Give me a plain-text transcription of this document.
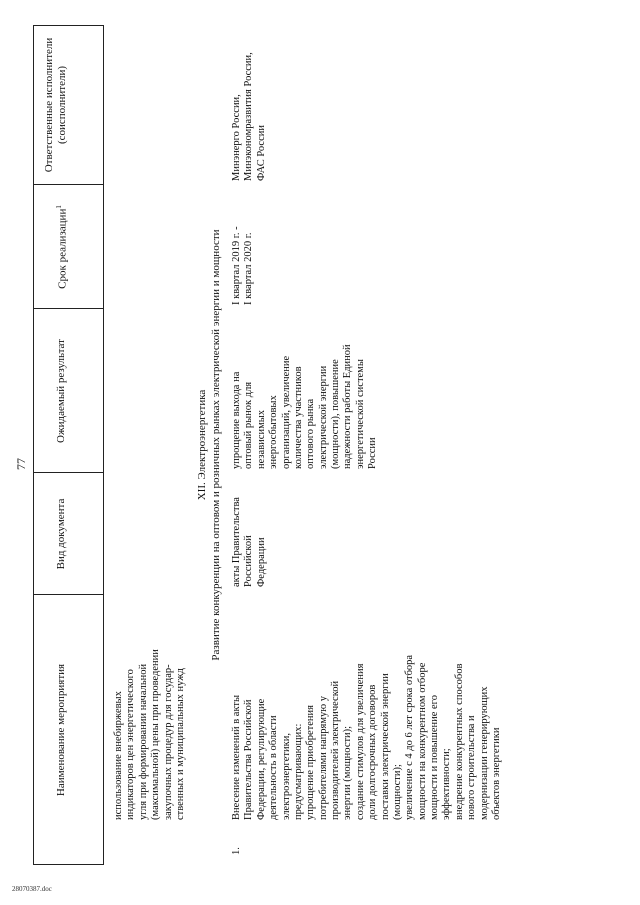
28070387.doc
77
Наименование мероприятия
Вид документа
Ожидаемый результат
Срок реализации$^1$
Ответственные исполнители (соисполнители)
использование внебиржевых индикаторов цен энергетического угля при формировании начальной (максимальной) цены при проведении закупочных процедур для государ- ственных и муниципальных нужд
XII. Электроэнергетика Развитие конкуренции на оптовом и розничных рынках электрической энергии и мощности
1.
Внесение изменений в акты Правительства Российской Федерации, регулирующие деятельность в области электроэнергетики, предусматривающих: упрощение приобретения потребителями напрямую у производителей электрической энергии (мощности); создание стимулов для увеличения доли долгосрочных договоров поставки электрической энергии (мощности); увеличение с 4 до 6 лет срока отбора мощности на конкурентном отборе мощности и повышение его эффективности; внедрение конкурентных способов нового строительства и модернизации генерирующих объектов энергетики
акты Правительства Российской Федерации
упрощение выхода на оптовый рынок для независимых энергосбытовых организаций, увеличение количества участников оптового рынка электрической энергии (мощности), повышение надежности работы Единой энергетической системы России
I квартал 2019 г. - I квартал 2020 г.
Минэнерго России, Минэкономразвития России, ФАС России
